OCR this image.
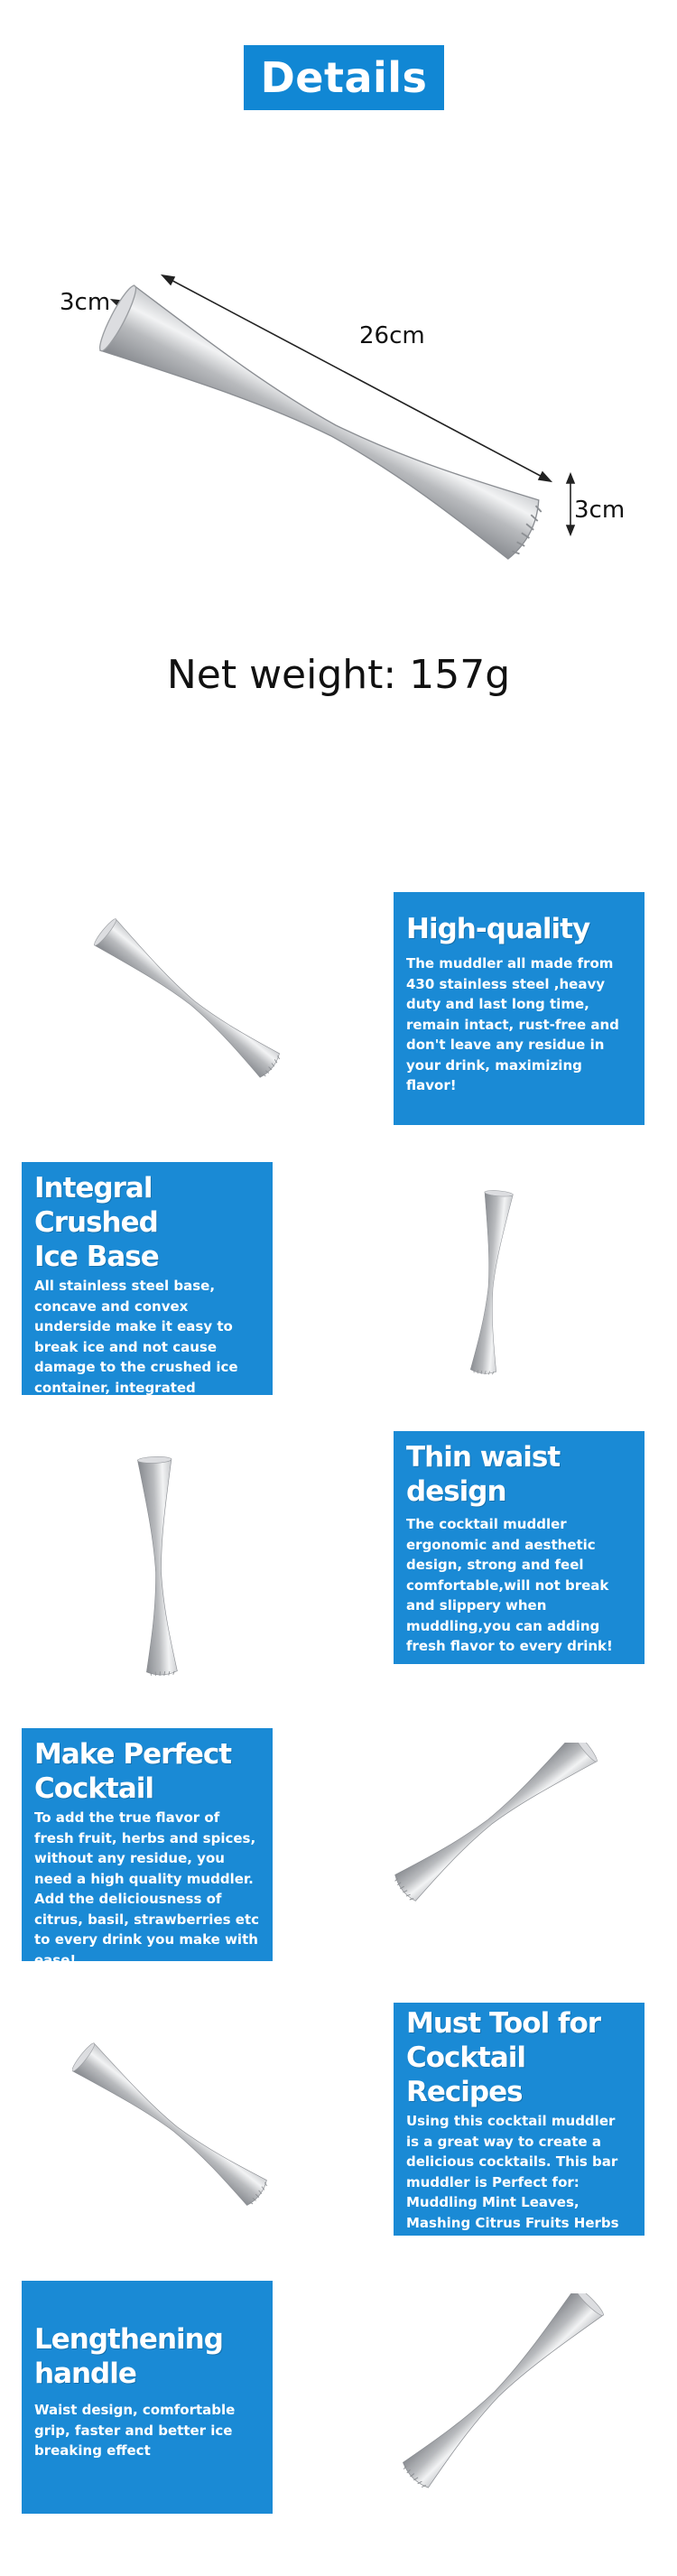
Details
3cm
26cm
3cm
Net weight: 157g
High-quality
The muddler all made from 430 stainless steel ,heavy duty and last long time, remain intact, rust-free and don't leave any residue in your drink, maximizing flavor!
Integral Crushed
Ice Base
All stainless steel base, concave and convex underside make it easy to break ice and not cause damage to the crushed ice container, integrated crushed popsicle is not easy to filth, clean easily
Thin waist
design
The cocktail muddler ergonomic and aesthetic design, strong and feel comfortable,will not break and slippery when muddling,you can adding fresh flavor to every drink!
Make Perfect
Cocktail
To add the true flavor of fresh fruit, herbs and spices, without any residue, you need a high quality muddler. Add the deliciousness of citrus, basil, strawberries etc to every drink you make with ease!
Must Tool for
Cocktail Recipes
Using this cocktail muddler is a great way to create a delicious cocktails. This bar muddler is Perfect for: Muddling Mint Leaves, Mashing Citrus Fruits Herbs and Spices and Making Delicious Mojitos and Other Cocktails.
Lengthening
handle
Waist design, comfortable grip, faster and better ice breaking effect
